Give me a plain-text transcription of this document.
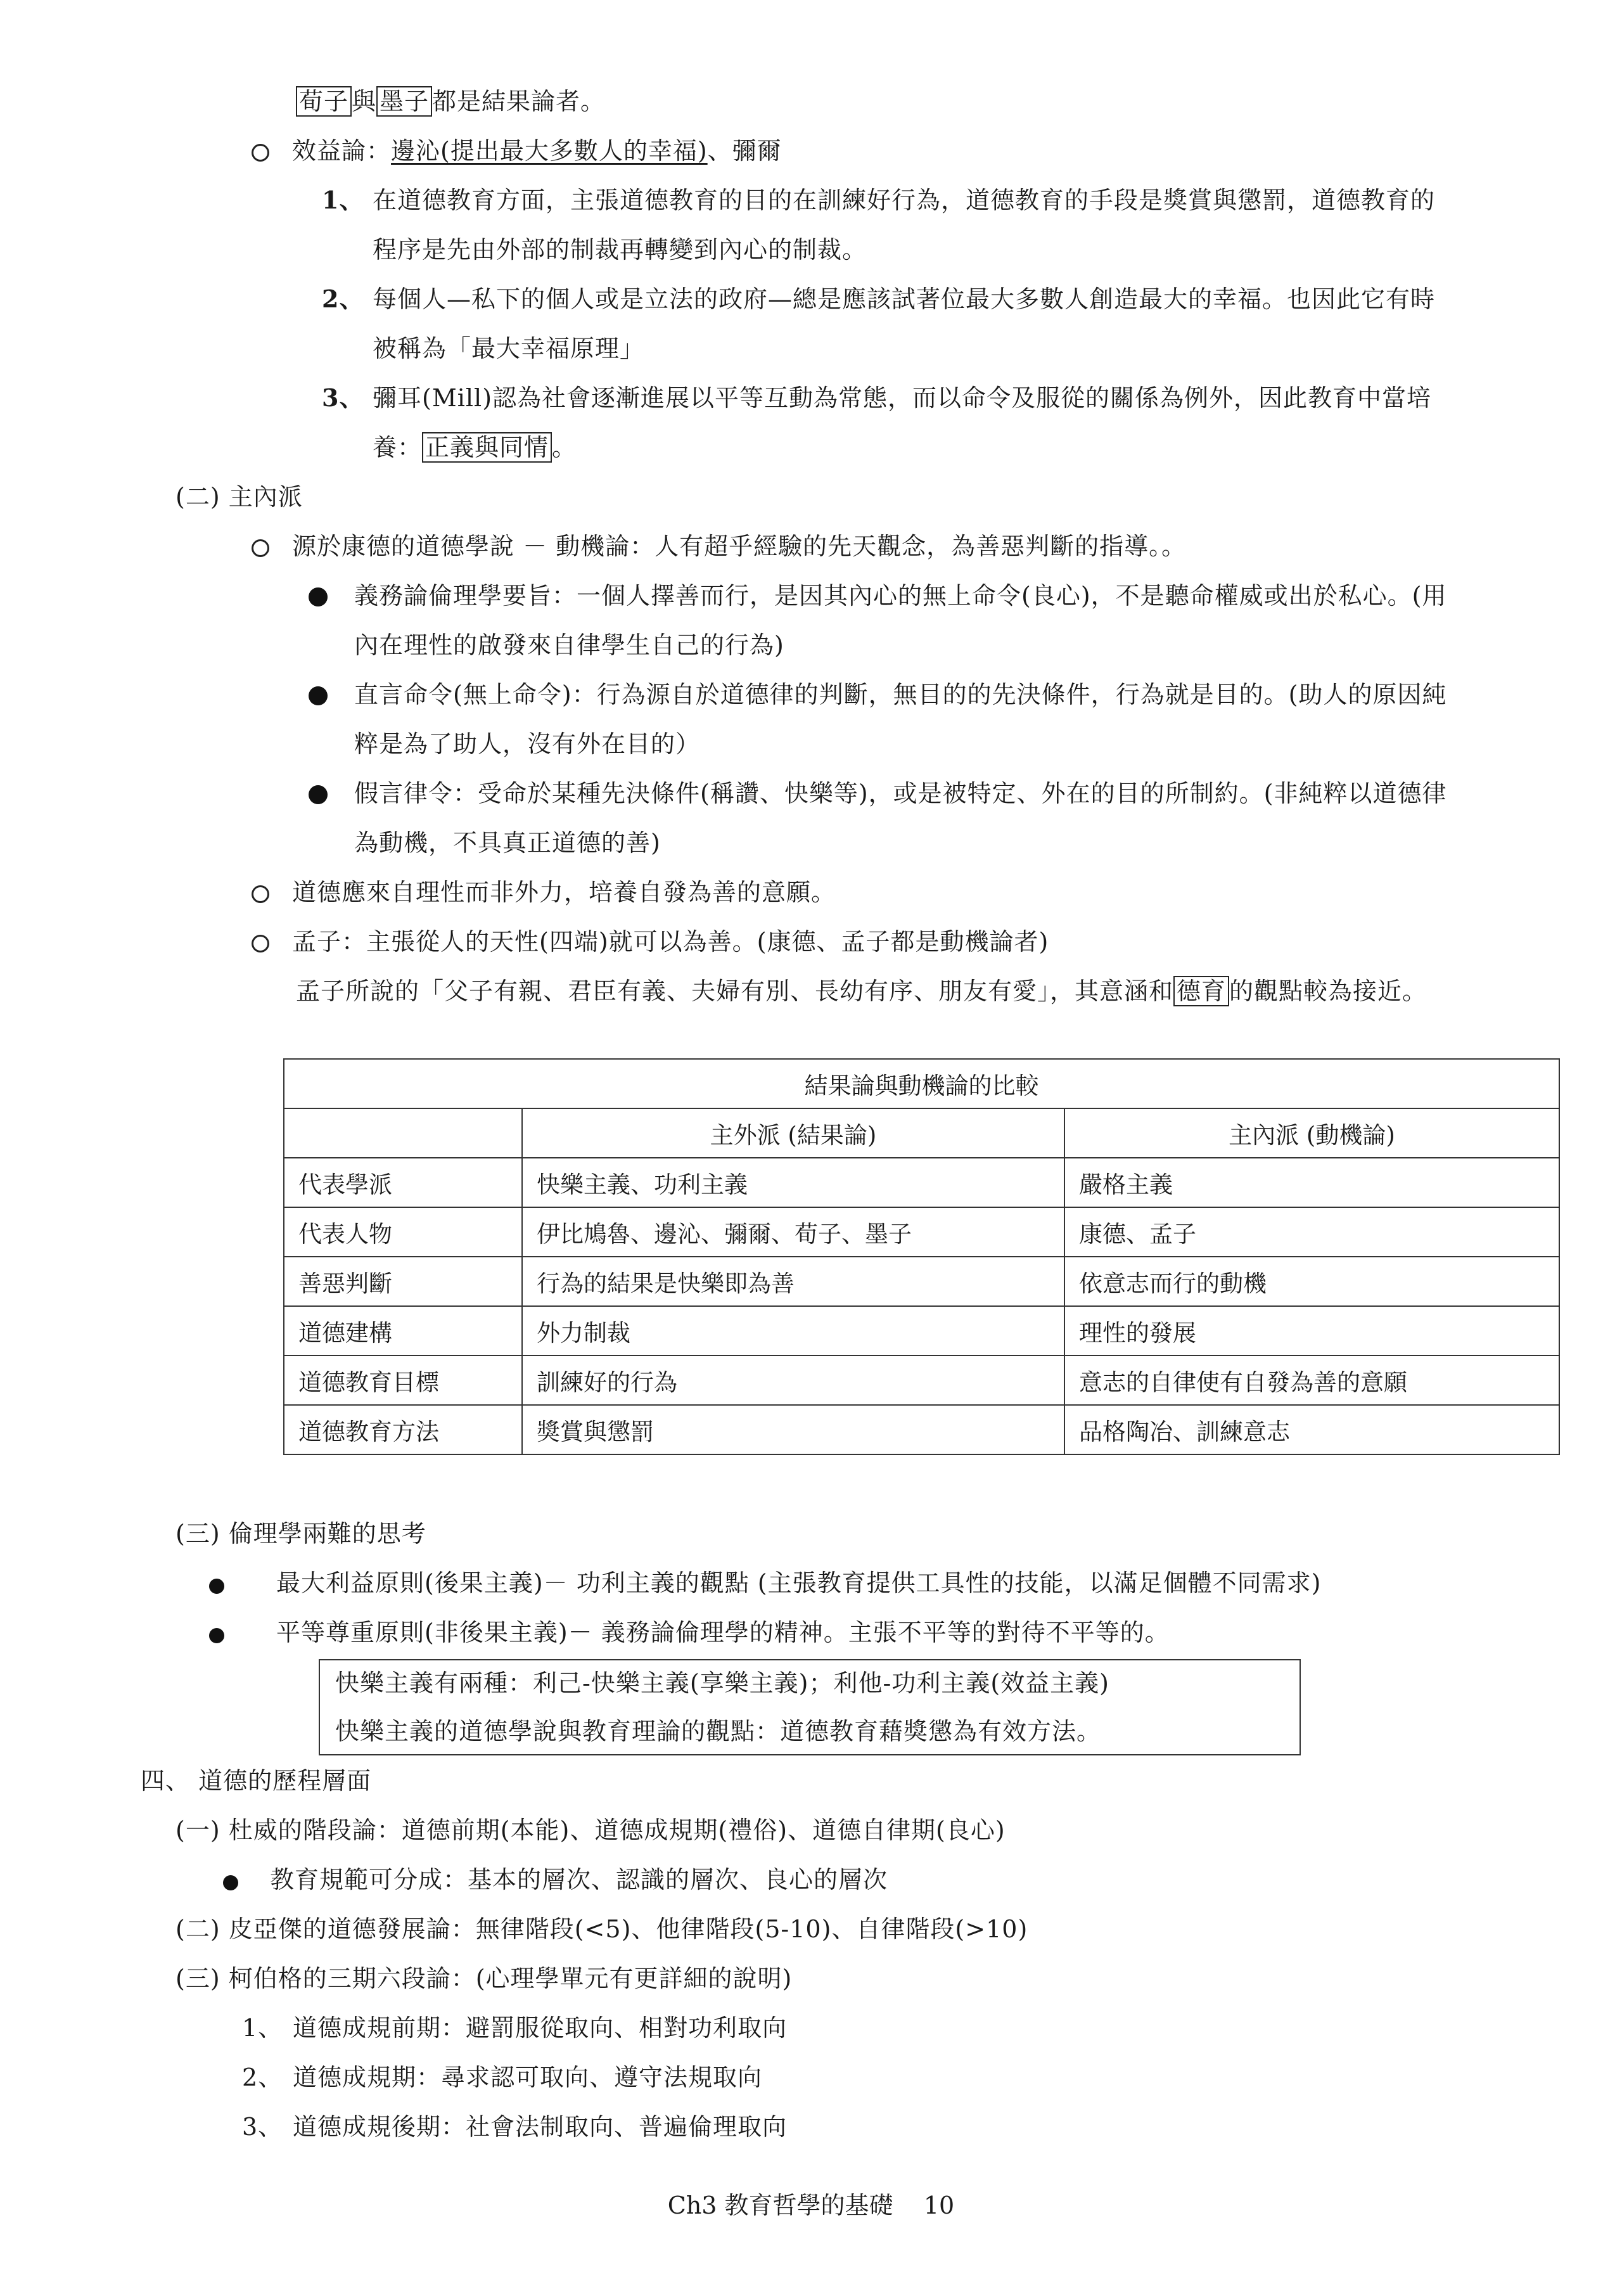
荀子 與 墨子 都是結果論者。
效益論：邊沁(提出最大多數人的幸福)、彌爾
1、 在道德教育方面，主張道德教育的目的在訓練好行為，道德教育的手段是獎賞與懲罰，道德教育的
程序是先由外部的制裁再轉變到內心的制裁。
2、 每個人—私下的個人或是立法的政府—總是應該試著位最大多數人創造最大的幸福。也因此它有時
被稱為「最大幸福原理」
3、 彌耳(Mill)認為社會逐漸進展以平等互動為常態，而以命令及服從的關係為例外，因此教育中當培
養： 正義與同情 。
(二) 主內派
源於康德的道德學說 － 動機論：人有超乎經驗的先天觀念，為善惡判斷的指導。。
義務論倫理學要旨：一個人擇善而行，是因其內心的無上命令(良心)，不是聽命權威或出於私心。(用
內在理性的啟發來自律學生自己的行為)
直言命令(無上命令)：行為源自於道德律的判斷，無目的的先決條件，行為就是目的。(助人的原因純
粹是為了助人，沒有外在目的）
假言律令：受命於某種先決條件(稱讚、快樂等)，或是被特定、外在的目的所制約。(非純粹以道德律
為動機，不具真正道德的善)
道德應來自理性而非外力，培養自發為善的意願。
孟子：主張從人的天性(四端)就可以為善。(康德、孟子都是動機論者)
孟子所說的「父子有親、君臣有義、夫婦有別、長幼有序、朋友有愛」，其意涵和 德育 的觀點較為接近。
結果論與動機論的比較		
	主外派 (結果論)	主內派 (動機論)
代表學派	快樂主義、功利主義	嚴格主義
代表人物	伊比鳩魯、邊沁、彌爾、荀子、墨子	康德、孟子
善惡判斷	行為的結果是快樂即為善	依意志而行的動機
道德建構	外力制裁	理性的發展
道德教育目標	訓練好的行為	意志的自律使有自發為善的意願
道德教育方法	獎賞與懲罰	品格陶冶、訓練意志
(三) 倫理學兩難的思考
最大利益原則(後果主義)－ 功利主義的觀點 (主張教育提供工具性的技能，以滿足個體不同需求)
平等尊重原則(非後果主義)－ 義務論倫理學的精神。主張不平等的對待不平等的。
快樂主義有兩種：利己-快樂主義(享樂主義)；利他-功利主義(效益主義)
快樂主義的道德學說與教育理論的觀點：道德教育藉獎懲為有效方法。
四、 道德的歷程層面
(一) 杜威的階段論：道德前期(本能)、道德成規期(禮俗)、道德自律期(良心)
教育規範可分成：基本的層次、認識的層次、良心的層次
(二) 皮亞傑的道德發展論：無律階段(<5)、他律階段(5-10)、自律階段(>10)
(三) 柯伯格的三期六段論：(心理學單元有更詳細的說明)
1、 道德成規前期：避罰服從取向、相對功利取向
2、 道德成規期：尋求認可取向、遵守法規取向
3、 道德成規後期：社會法制取向、普遍倫理取向
Ch3 教育哲學的基礎    10
